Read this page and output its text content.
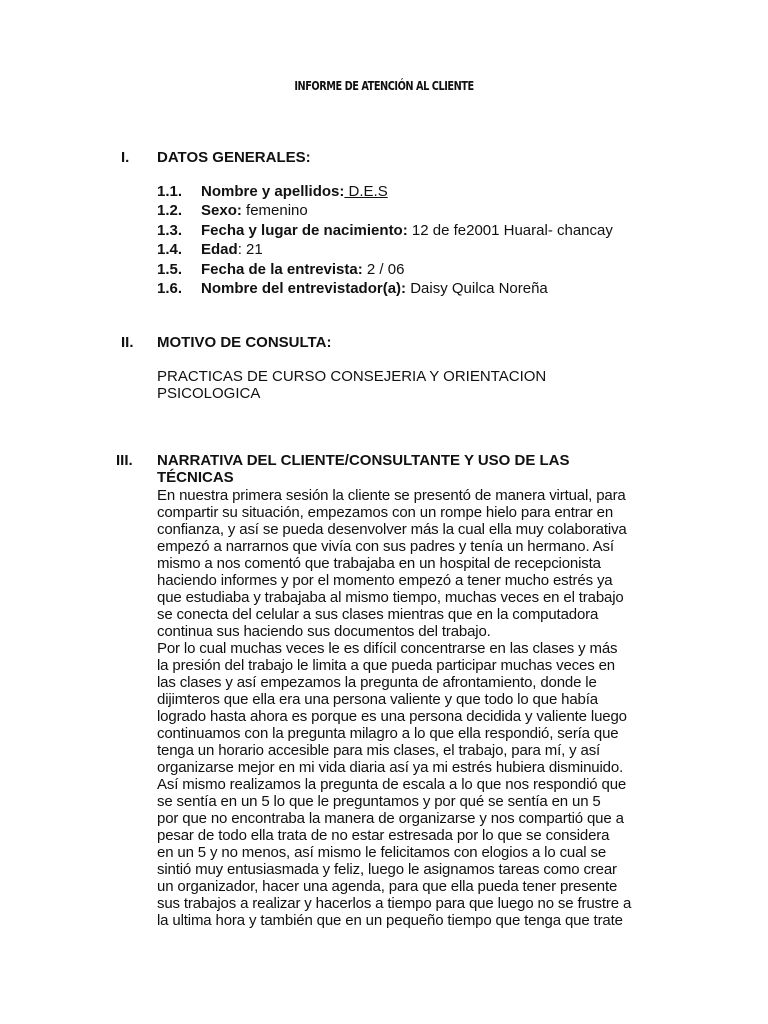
INFORME DE ATENCIÓN AL CLIENTE
I. DATOS GENERALES:
1.1. Nombre y apellidos: D.E.S
1.2. Sexo: femenino
1.3. Fecha y lugar de nacimiento: 12 de fe2001 Huaral- chancay
1.4. Edad: 21
1.5. Fecha de la entrevista: 2 / 06
1.6. Nombre del entrevistador(a): Daisy Quilca Noreña
II. MOTIVO DE CONSULTA:
PRACTICAS DE CURSO CONSEJERIA Y ORIENTACION PSICOLOGICA
III. NARRATIVA DEL CLIENTE/CONSULTANTE Y USO DE LAS TÉCNICAS
En nuestra primera sesión la cliente se presentó de manera virtual, para
compartir su situación, empezamos con un rompe hielo para entrar en
confianza, y así se pueda desenvolver más la cual ella muy colaborativa
empezó a narrarnos que vivía con sus padres y tenía un hermano. Así
mismo a nos comentó que trabajaba en un hospital de recepcionista
haciendo informes y por el momento empezó a tener mucho estrés ya
que estudiaba y trabajaba al mismo tiempo, muchas veces en el trabajo
se conecta del celular a sus clases mientras que en la computadora
continua sus haciendo sus documentos del trabajo.
Por lo cual muchas veces le es difícil concentrarse en las clases y más
la presión del trabajo le limita a que pueda participar muchas veces en
las clases y así empezamos la pregunta de afrontamiento, donde le
dijimteros que ella era una persona valiente y que todo lo que había
logrado hasta ahora es porque es una persona decidida y valiente luego
continuamos con la pregunta milagro a lo que ella respondió, sería que
tenga un horario accesible para mis clases, el trabajo, para mí, y así
organizarse mejor en mi vida diaria así ya mi estrés hubiera disminuido.
Así mismo realizamos la pregunta de escala a lo que nos respondió que
se sentía en un 5 lo que le preguntamos y por qué se sentía en un 5
por que no encontraba la manera de organizarse y nos compartió que a
pesar de todo ella trata de no estar estresada por lo que se considera
en un 5 y no menos, así mismo le felicitamos con elogios a lo cual se
sintió muy entusiasmada y feliz, luego le asignamos tareas como crear
un organizador, hacer una agenda, para que ella pueda tener presente
sus trabajos a realizar y hacerlos a tiempo para que luego no se frustre a
la ultima hora y también que en un pequeño tiempo que tenga que trate
